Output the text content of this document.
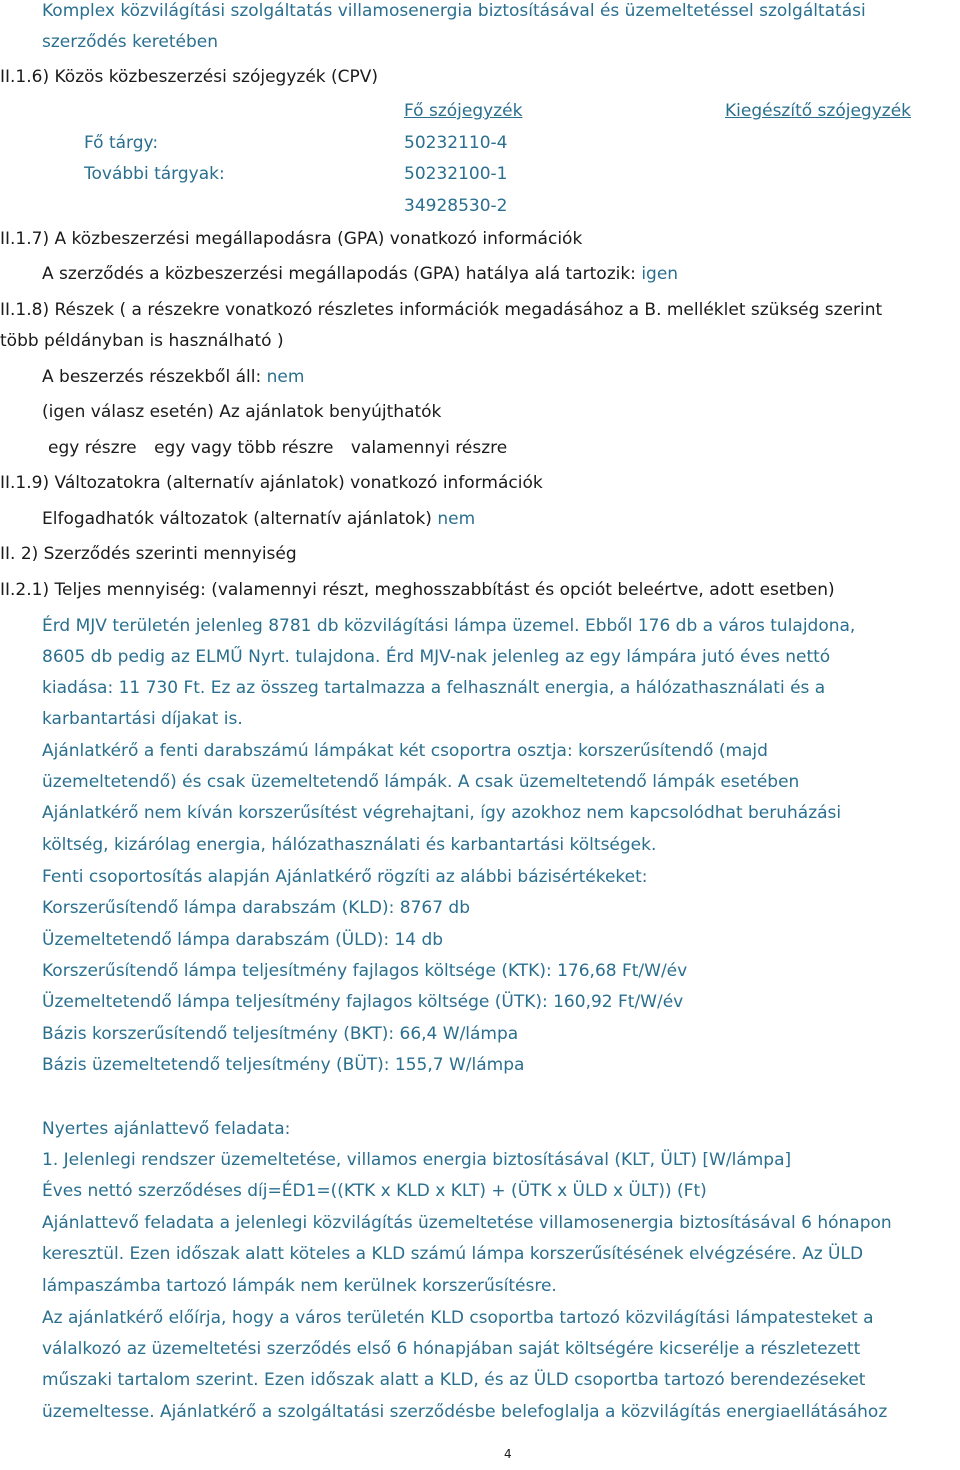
Komplex közvilágítási szolgáltatás villamosenergia biztosításával és üzemeltetéssel szolgáltatási
szerződés keretében
II.1.6) Közös közbeszerzési szójegyzék (CPV)
Fő szójegyzék	Kiegészítő szójegyzék
Fő tárgy:	50232110-4
További tárgyak:	50232100-1
34928530-2
II.1.7) A közbeszerzési megállapodásra (GPA) vonatkozó információk
A szerződés a közbeszerzési megállapodás (GPA) hatálya alá tartozik: igen
II.1.8) Részek ( a részekre vonatkozó részletes információk megadásához a B. melléklet szükség szerint
több példányban is használható )
A beszerzés részekből áll: nem
(igen válasz esetén) Az ajánlatok benyújthatók
egy részre egy vagy több részre valamennyi részre
II.1.9) Változatokra (alternatív ajánlatok) vonatkozó információk
Elfogadhatók változatok (alternatív ajánlatok) nem
II. 2) Szerződés szerinti mennyiség
II.2.1) Teljes mennyiség: (valamennyi részt, meghosszabbítást és opciót beleértve, adott esetben)
Érd MJV területén jelenleg 8781 db közvilágítási lámpa üzemel. Ebből 176 db a város tulajdona,
8605 db pedig az ELMŰ Nyrt. tulajdona. Érd MJV-nak jelenleg az egy lámpára jutó éves nettó
kiadása: 11 730 Ft. Ez az összeg tartalmazza a felhasznált energia, a hálózathasználati és a
karbantartási díjakat is.
Ajánlatkérő a fenti darabszámú lámpákat két csoportra osztja: korszerűsítendő (majd
üzemeltetendő) és csak üzemeltetendő lámpák. A csak üzemeltetendő lámpák esetében
Ajánlatkérő nem kíván korszerűsítést végrehajtani, így azokhoz nem kapcsolódhat beruházási
költség, kizárólag energia, hálózathasználati és karbantartási költségek.
Fenti csoportosítás alapján Ajánlatkérő rögzíti az alábbi bázisértékeket:
Korszerűsítendő lámpa darabszám (KLD): 8767 db
Üzemeltetendő lámpa darabszám (ÜLD): 14 db
Korszerűsítendő lámpa teljesítmény fajlagos költsége (KTK): 176,68 Ft/W/év
Üzemeltetendő lámpa teljesítmény fajlagos költsége (ÜTK): 160,92 Ft/W/év
Bázis korszerűsítendő teljesítmény (BKT): 66,4 W/lámpa
Bázis üzemeltetendő teljesítmény (BÜT): 155,7 W/lámpa
Nyertes ajánlattevő feladata:
1. Jelenlegi rendszer üzemeltetése, villamos energia biztosításával (KLT, ÜLT) [W/lámpa]
Éves nettó szerződéses díj=ÉD1=((KTK x KLD x KLT) + (ÜTK x ÜLD x ÜLT)) (Ft)
Ajánlattevő feladata a jelenlegi közvilágítás üzemeltetése villamosenergia biztosításával 6 hónapon
keresztül. Ezen időszak alatt köteles a KLD számú lámpa korszerűsítésének elvégzésére. Az ÜLD
lámpaszámba tartozó lámpák nem kerülnek korszerűsítésre.
Az ajánlatkérő előírja, hogy a város területén KLD csoportba tartozó közvilágítási lámpatesteket a
válalkozó az üzemeltetési szerződés első 6 hónapjában saját költségére kicserélje a részletezett
műszaki tartalom szerint. Ezen időszak alatt a KLD, és az ÜLD csoportba tartozó berendezéseket
üzemeltesse. Ajánlatkérő a szolgáltatási szerződésbe belefoglalja a közvilágítás energiaellátásához
4
